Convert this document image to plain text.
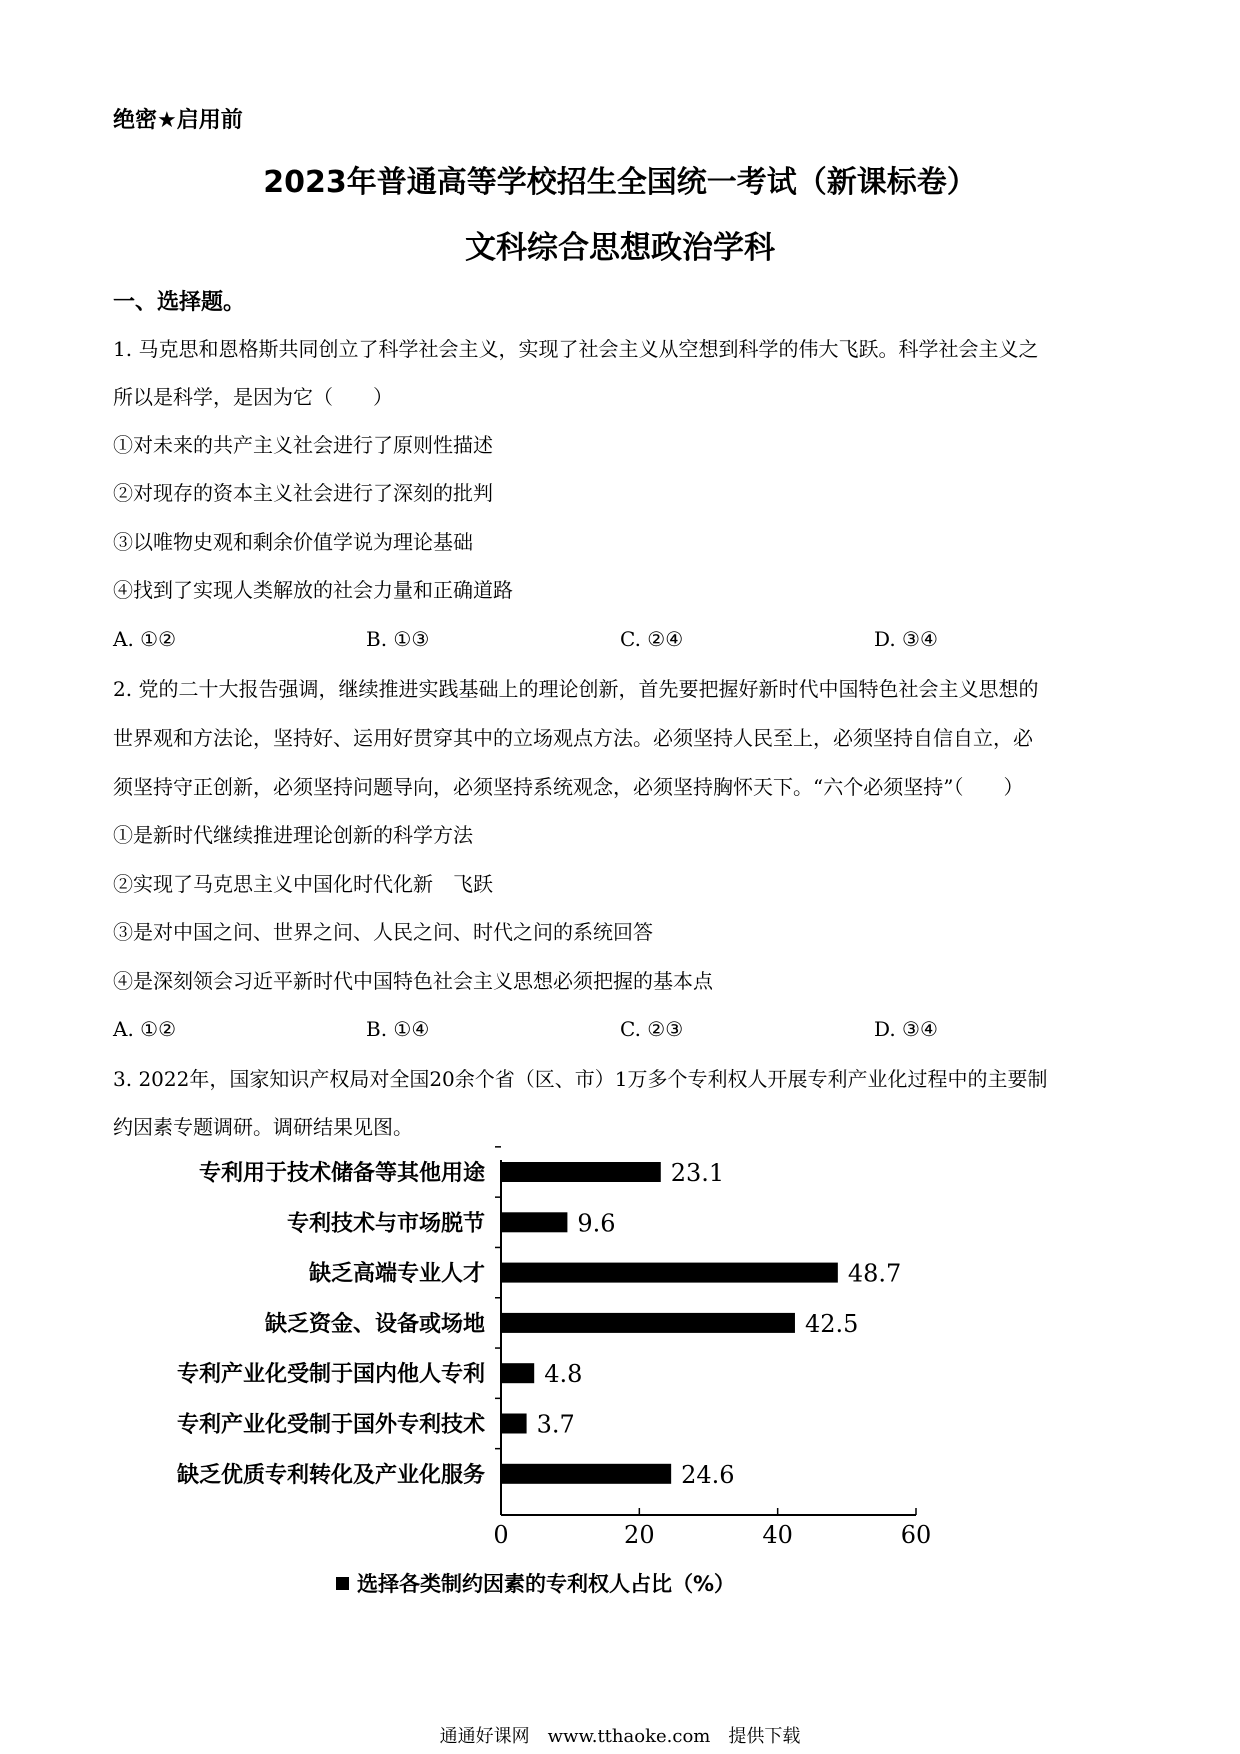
绝密★启用前
2023年普通高等学校招生全国统一考试（新课标卷）
文科综合思想政治学科
一、选择题。
1. 马克思和恩格斯共同创立了科学社会主义，实现了社会主义从空想到科学的伟大飞跃。科学社会主义之
所以是科学，是因为它（　　）
①对未来的共产主义社会进行了原则性描述
②对现存的资本主义社会进行了深刻的批判
③以唯物史观和剩余价值学说为理论基础
④找到了实现人类解放的社会力量和正确道路
A. ①②	B. ①③	C. ②④	D. ③④
2. 党的二十大报告强调，继续推进实践基础上的理论创新，首先要把握好新时代中国特色社会主义思想的
世界观和方法论，坚持好、运用好贯穿其中的立场观点方法。必须坚持人民至上，必须坚持自信自立，必
须坚持守正创新，必须坚持问题导向，必须坚持系统观念，必须坚持胸怀天下。“六个必须坚持”（　　）
①是新时代继续推进理论创新的科学方法
②实现了马克思主义中国化时代化新　飞跃
③是对中国之问、世界之问、人民之问、时代之问的系统回答
④是深刻领会习近平新时代中国特色社会主义思想必须把握的基本点
A. ①②	B. ①④	C. ②③	D. ③④
3. 2022年，国家知识产权局对全国20余个省（区、市）1万多个专利权人开展专利产业化过程中的主要制
约因素专题调研。调研结果见图。
专利用于技术储备等其他用途	23.1
专利技术与市场脱节	9.6
缺乏高端专业人才	48.7
缺乏资金、设备或场地	42.5
专利产业化受制于国内他人专利 4.8
专利产业化受制于国外专利技术 3.7
缺乏优质专利转化及产业化服务	24.6
0	20	40	60
选择各类制约因素的专利权人占比（%）
通通好课网　www.tthaoke.com　提供下载
